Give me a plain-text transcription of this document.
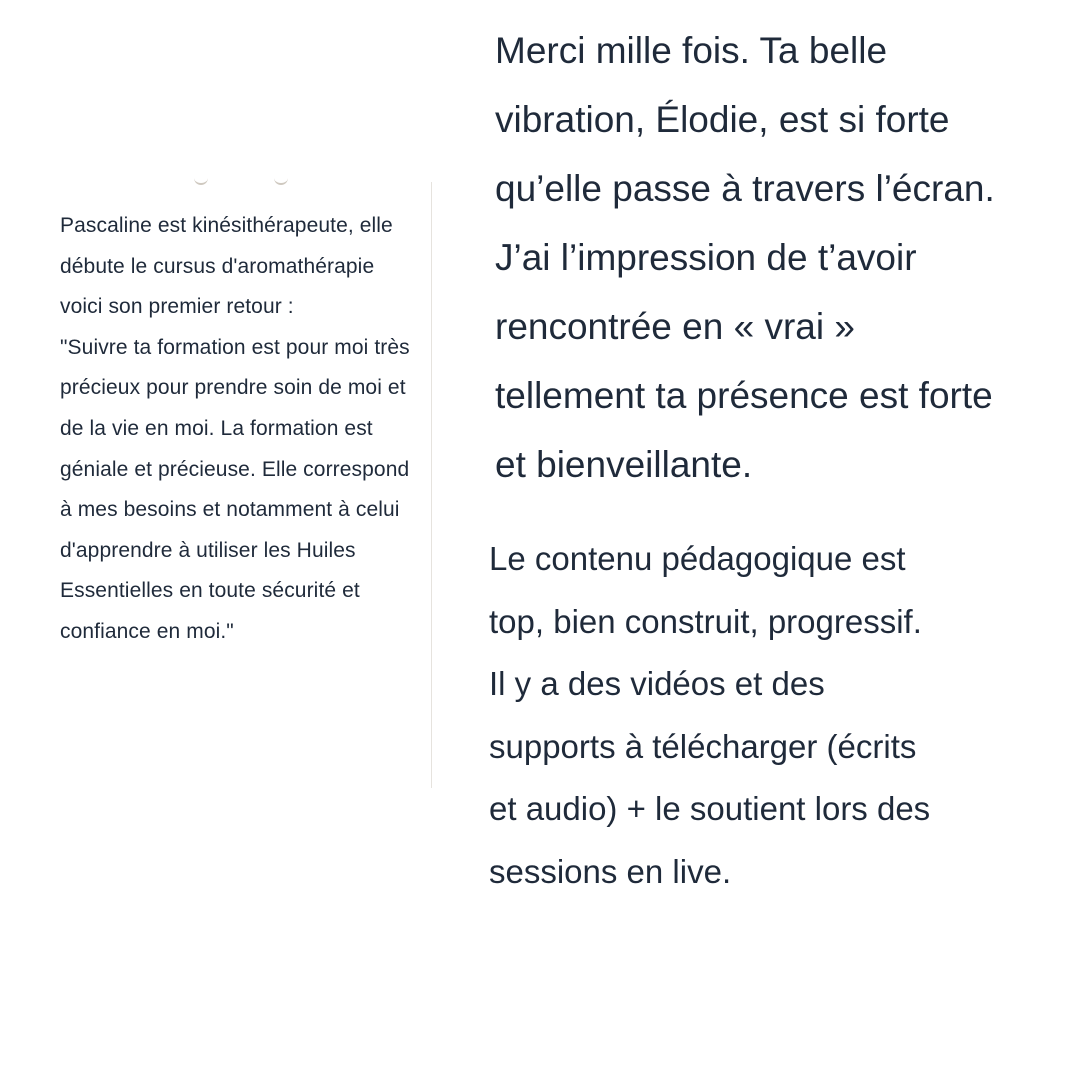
Pascaline est kinésithérapeute, elle débute le cursus d'aromathérapie voici son premier retour :

"Suivre ta formation est pour moi très précieux pour prendre soin de moi et de la vie en moi. La formation est géniale et précieuse. Elle correspond à mes besoins et notamment à celui d'apprendre à utiliser les Huiles Essentielles en toute sécurité et confiance en moi."

Merci mille fois. Ta belle
vibration, Élodie, est si forte
qu’elle passe à travers l’écran.
J’ai l’impression de t’avoir
rencontrée en « vrai »
tellement ta présence est forte
et bienveillante.

Le contenu pédagogique est
top, bien construit, progressif.
Il y a des vidéos et des
supports à télécharger (écrits
et audio) + le soutient lors des
sessions en live.
